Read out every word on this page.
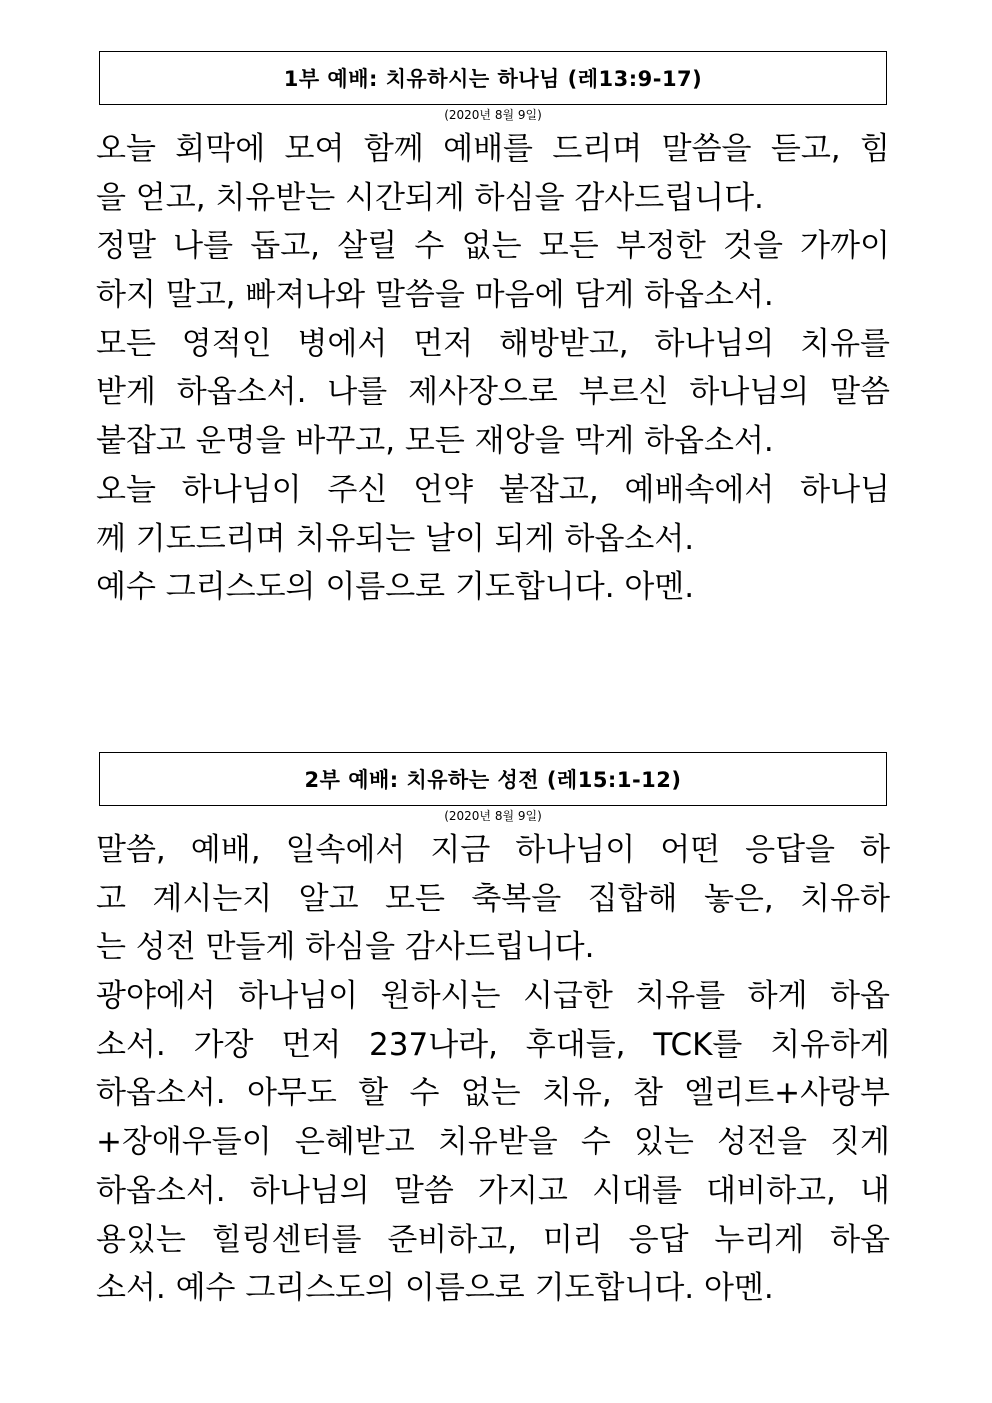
1부 예배: 치유하시는 하나님 (레13:9-17)
(2020년 8월 9일)
오늘 회막에 모여 함께 예배를 드리며 말씀을 듣고, 힘
을 얻고, 치유받는 시간되게 하심을 감사드립니다.
정말 나를 돕고, 살릴 수 없는 모든 부정한 것을 가까이
하지 말고, 빠져나와 말씀을 마음에 담게 하옵소서.
모든 영적인 병에서 먼저 해방받고, 하나님의 치유를
받게 하옵소서. 나를 제사장으로 부르신 하나님의 말씀
붙잡고 운명을 바꾸고, 모든 재앙을 막게 하옵소서.
오늘 하나님이 주신 언약 붙잡고, 예배속에서 하나님
께 기도드리며 치유되는 날이 되게 하옵소서.
예수 그리스도의 이름으로 기도합니다. 아멘.
2부 예배: 치유하는 성전 (레15:1-12)
(2020년 8월 9일)
말씀, 예배, 일속에서 지금 하나님이 어떤 응답을 하
고 계시는지 알고 모든 축복을 집합해 놓은, 치유하
는 성전 만들게 하심을 감사드립니다.
광야에서 하나님이 원하시는 시급한 치유를 하게 하옵
소서. 가장 먼저 237나라, 후대들, TCK를 치유하게
하옵소서. 아무도 할 수 없는 치유, 참 엘리트+사랑부
+장애우들이 은혜받고 치유받을 수 있는 성전을 짓게
하옵소서. 하나님의 말씀 가지고 시대를 대비하고, 내
용있는 힐링센터를 준비하고, 미리 응답 누리게 하옵
소서. 예수 그리스도의 이름으로 기도합니다. 아멘.
